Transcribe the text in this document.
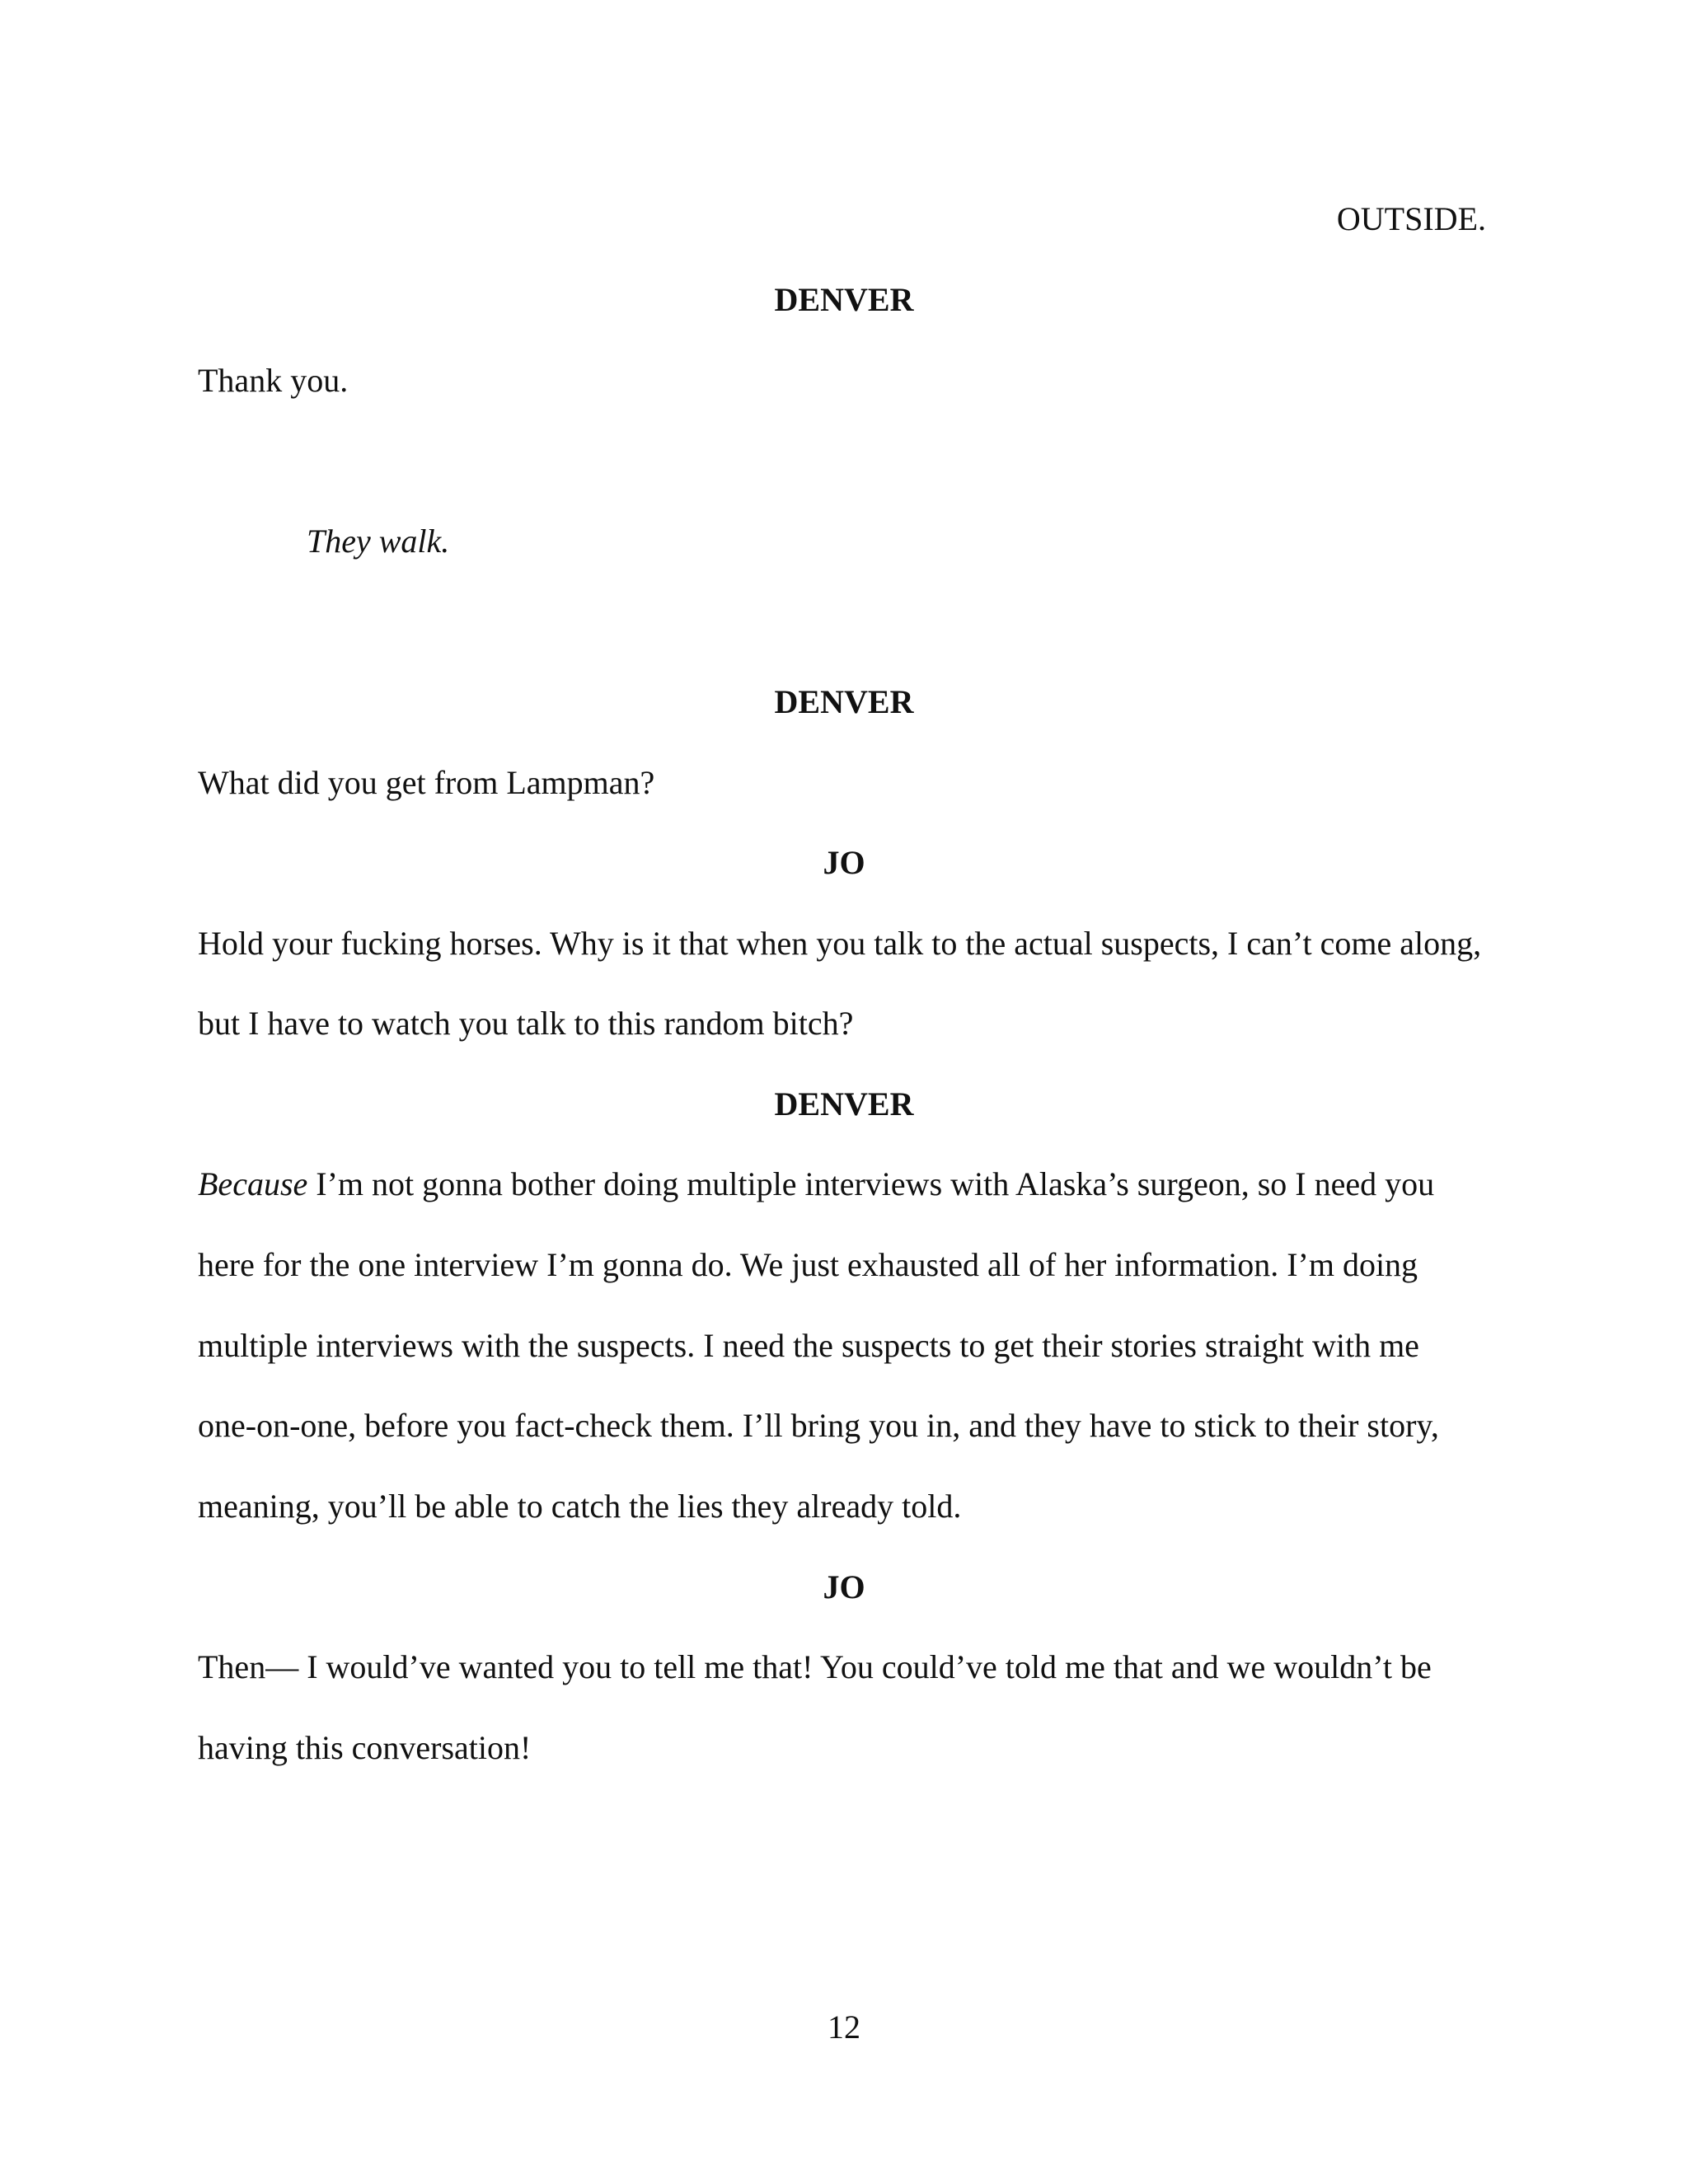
OUTSIDE.
DENVER
Thank you.
They walk.
DENVER
What did you get from Lampman?
JO
Hold your fucking horses. Why is it that when you talk to the actual suspects, I can’t come along,
but I have to watch you talk to this random bitch?
DENVER
Because I’m not gonna bother doing multiple interviews with Alaska’s surgeon, so I need you
here for the one interview I’m gonna do. We just exhausted all of her information. I’m doing
multiple interviews with the suspects. I need the suspects to get their stories straight with me
one-on-one, before you fact-check them. I’ll bring you in, and they have to stick to their story,
meaning, you’ll be able to catch the lies they already told.
JO
Then— I would’ve wanted you to tell me that! You could’ve told me that and we wouldn’t be
having this conversation!
12
